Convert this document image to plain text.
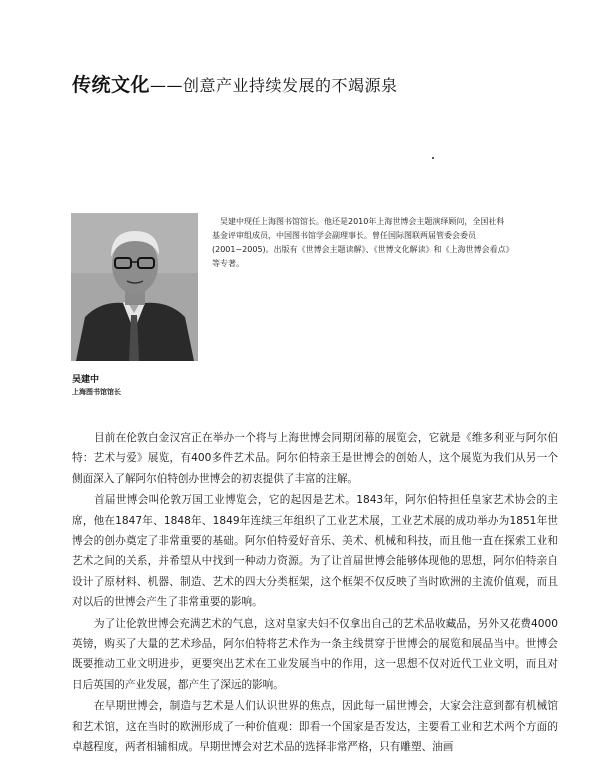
传统文化——创意产业持续发展的不竭源泉
吴建中现任上海图书馆馆长。他还是2010年上海世博会主题演绎顾问，全国社科基金评审组成员，中国图书馆学会副理事长。曾任国际图联两届管委会委员(2001~2005)。出版有《世博会主题读解》、《世博文化解读》和《上海世博会看点》等专著。
吴建中
上海图书馆馆长

目前在伦敦白金汉宫正在举办一个将与上海世博会同期闭幕的展览会，它就是《维多利亚与阿尔伯特：艺术与爱》展览，有400多件艺术品。阿尔伯特亲王是世博会的创始人，这个展览为我们从另一个侧面深入了解阿尔伯特创办世博会的初衷提供了丰富的注解。

首届世博会叫伦敦万国工业博览会，它的起因是艺术。1843年，阿尔伯特担任皇家艺术协会的主席，他在1847年、1848年、1849年连续三年组织了工业艺术展，工业艺术展的成功举办为1851年世博会的创办奠定了非常重要的基础。阿尔伯特爱好音乐、美术、机械和科技，而且他一直在探索工业和艺术之间的关系，并希望从中找到一种动力资源。为了让首届世博会能够体现他的思想，阿尔伯特亲自设计了原材料、机器、制造、艺术的四大分类框架，这个框架不仅反映了当时欧洲的主流价值观，而且对以后的世博会产生了非常重要的影响。

为了让伦敦世博会充满艺术的气息，这对皇家夫妇不仅拿出自己的艺术品收藏品，另外又花费4000英镑，购买了大量的艺术珍品，阿尔伯特将艺术作为一条主线贯穿于世博会的展览和展品当中。世博会既要推动工业文明进步，更要突出艺术在工业发展当中的作用，这一思想不仅对近代工业文明，而且对日后英国的产业发展，都产生了深远的影响。

在早期世博会，制造与艺术是人们认识世界的焦点，因此每一届世博会，大家会注意到都有机械馆和艺术馆，这在当时的欧洲形成了一种价值观：即看一个国家是否发达，主要看工业和艺术两个方面的卓越程度，两者相辅相成。早期世博会对艺术品的选择非常严格，只有雕塑、油画
